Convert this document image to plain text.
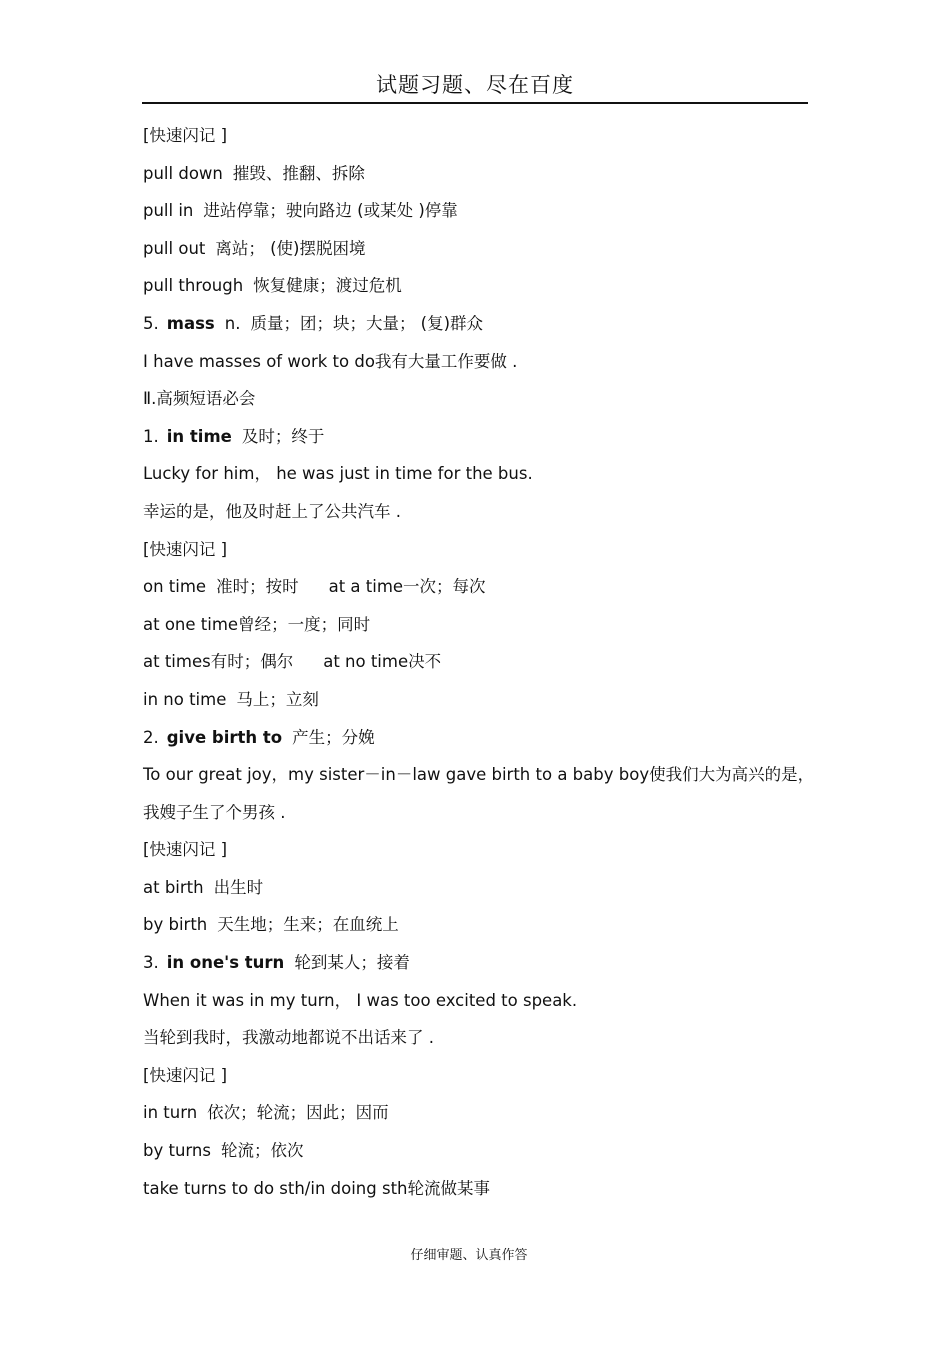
试题习题、尽在百度
[快速闪记 ]
pull down 摧毁、推翻、拆除
pull in 进站停靠；驶向路边 (或某处 )停靠
pull out 离站； (使)摆脱困境
pull through 恢复健康；渡过危机
5. mass n. 质量；团；块；大量； (复)群众
I have masses of work to do我有大量工作要做 .
Ⅱ.高频短语必会
1. in time 及时；终于
Lucky for him， he was just in time for the bus.
幸运的是，他及时赶上了公共汽车 .
[快速闪记 ]
on time 准时；按时 at a time一次；每次
at one time曾经；一度；同时
at times有时；偶尔 at no time决不
in no time 马上；立刻
2. give birth to 产生；分娩
To our great joy，my sister－in－law gave birth to a baby boy使我们大为高兴的是，
我嫂子生了个男孩 .
[快速闪记 ]
at birth 出生时
by birth 天生地；生来；在血统上
3. in one's turn 轮到某人；接着
When it was in my turn， I was too excited to speak.
当轮到我时，我激动地都说不出话来了 .
[快速闪记 ]
in turn 依次；轮流；因此；因而
by turns 轮流；依次
take turns to do sth/in doing sth轮流做某事
仔细审题、认真作答
